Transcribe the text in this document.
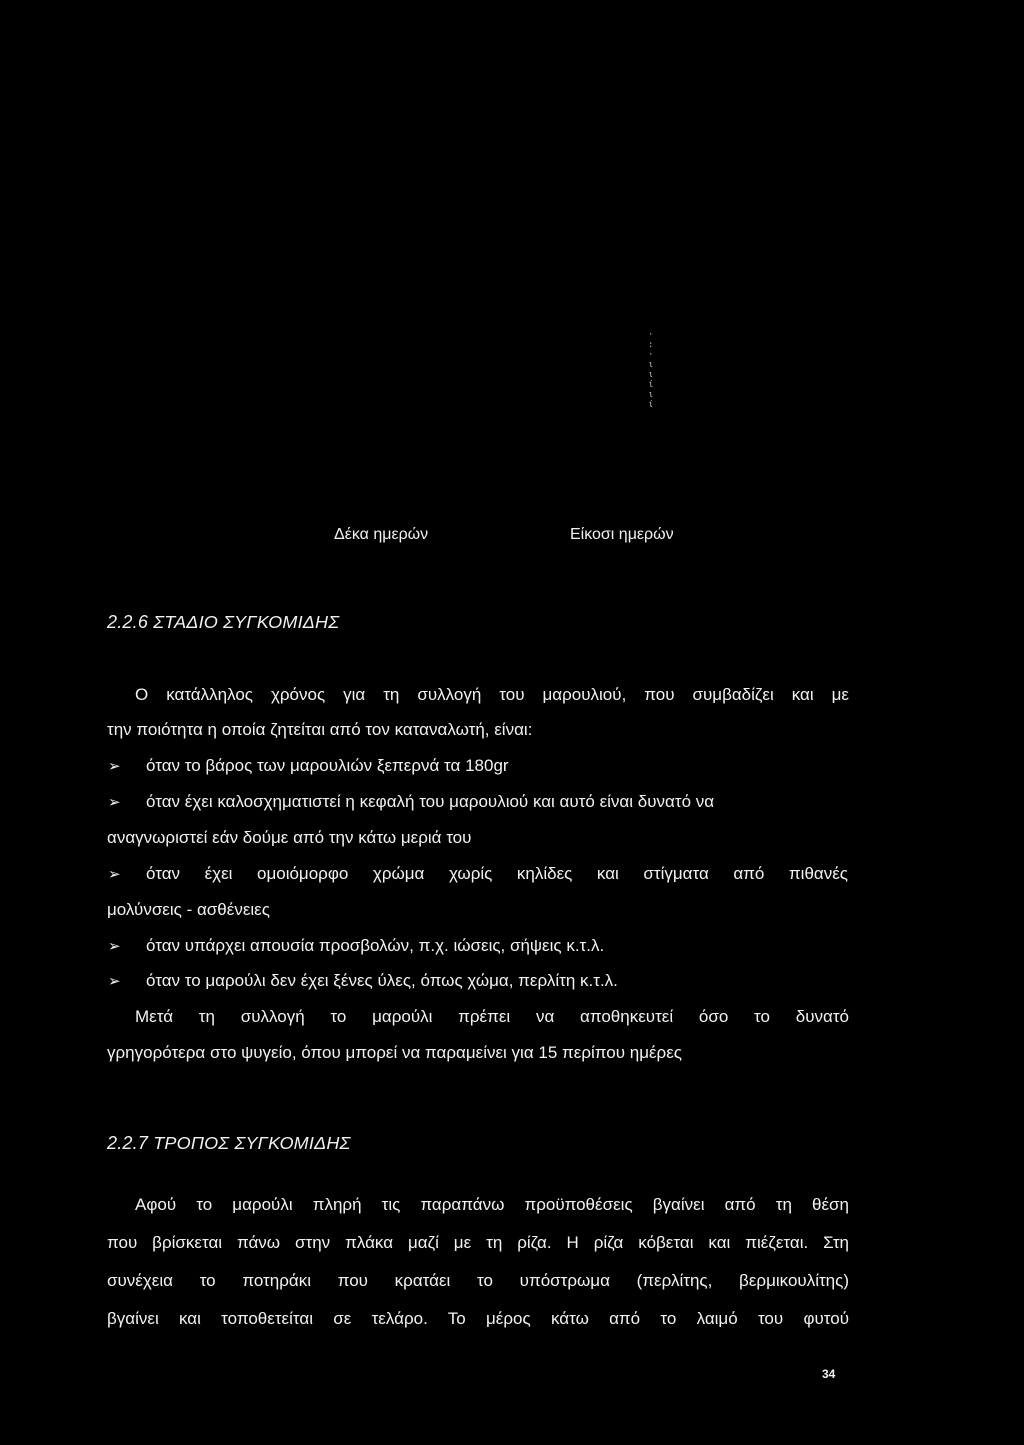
·
:
·
ι
ι
ί
ι
ί
Δέκα ημερών	Είκοσι ημερών
2.2.6 ΣΤΑΔΙΟ ΣΥΓΚΟΜΙΔΗΣ
Ο κατάλληλος χρόνος για τη συλλογή του μαρουλιού, που συμβαδίζει και με
την ποιότητα η οποία ζητείται από τον καταναλωτή, είναι:
➢ όταν το βάρος των μαρουλιών ξεπερνά τα 180gr
➢ όταν έχει καλοσχηματιστεί η κεφαλή του μαρουλιού και αυτό είναι δυνατό να
αναγνωριστεί εάν δούμε από την κάτω μεριά του
➢ όταν έχει ομοιόμορφο χρώμα χωρίς κηλίδες και στίγματα από πιθανές
μολύνσεις - ασθένειες
➢ όταν υπάρχει απουσία προσβολών, π.χ. ιώσεις, σήψεις κ.τ.λ.
➢ όταν το μαρούλι δεν έχει ξένες ύλες, όπως χώμα, περλίτη κ.τ.λ.
Μετά τη συλλογή το μαρούλι πρέπει να αποθηκευτεί όσο το δυνατό
γρηγορότερα στο ψυγείο, όπου μπορεί να παραμείνει για 15 περίπου ημέρες
2.2.7 ΤΡΟΠΟΣ ΣΥΓΚΟΜΙΔΗΣ
Αφού το μαρούλι πληρή τις παραπάνω προϋποθέσεις βγαίνει από τη θέση
που βρίσκεται πάνω στην πλάκα μαζί με τη ρίζα. Η ρίζα κόβεται και πιέζεται. Στη
συνέχεια το ποτηράκι που κρατάει το υπόστρωμα (περλίτης, βερμικουλίτης)
βγαίνει και τοποθετείται σε τελάρο. Το μέρος κάτω από το λαιμό του φυτού
34
